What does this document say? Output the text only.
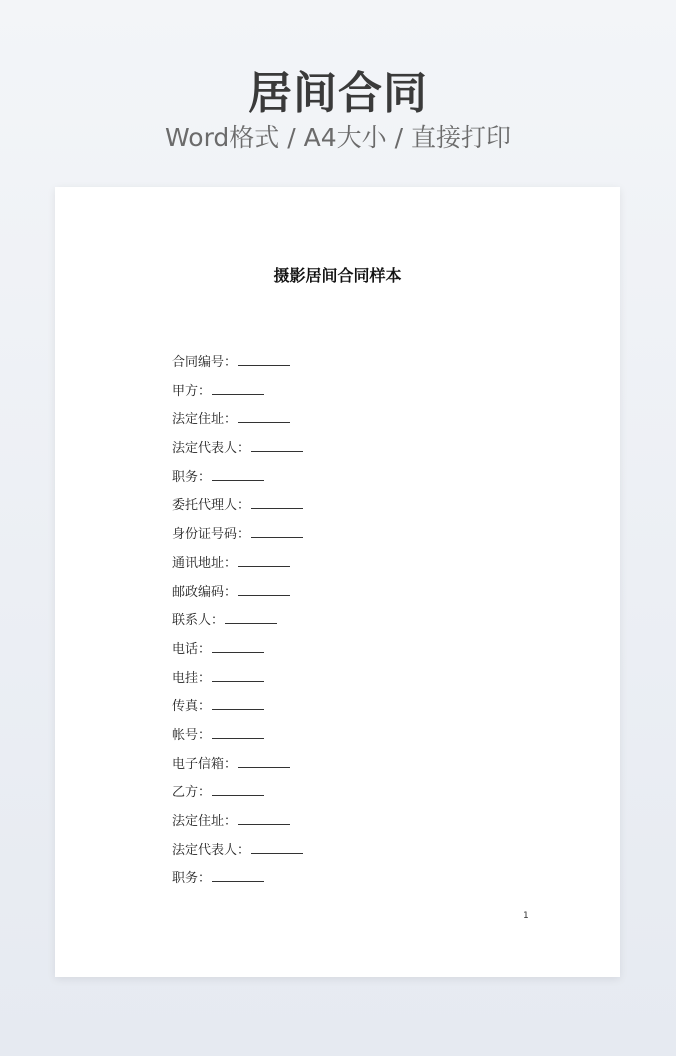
居间合同
Word格式 / A4大小 / 直接打印
摄影居间合同样本
合同编号：
甲方：
法定住址：
法定代表人：
职务：
委托代理人：
身份证号码：
通讯地址：
邮政编码：
联系人：
电话：
电挂：
传真：
帐号：
电子信箱：
乙方：
法定住址：
法定代表人：
职务：
1
